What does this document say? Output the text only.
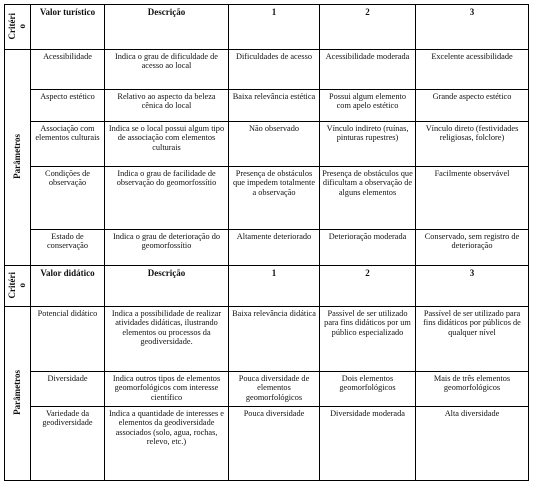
Critéri
o	Valor turístico	Descrição	1	2	3
Parâmetros	Acessibilidade	Indica o grau de dificuldade de acesso ao local	Dificuldades de acesso	Acessibilidade moderada	Excelente acessibilidade
	Aspecto estético	Relativo ao aspecto da beleza cênica do local	Baixa relevância estética	Possui algum elemento com apelo estético	Grande aspecto estético
	Associação com elementos culturais	Indica se o local possui algum tipo de associação com elementos culturais	Não observado	Vínculo indireto (ruínas, pinturas rupestres)	Vínculo direto (festividades religiosas, folclore)
	Condições de observação	Indica o grau de facilidade de observação do geomorfossítio	Presença de obstáculos que impedem totalmente a observação	Presença de obstáculos que dificultam a observação de alguns elementos	Facilmente observável
	Estado de conservação	Indica o grau de deterioração do geomorfossítio	Altamente deteriorado	Deterioração moderada	Conservado, sem registro de deterioração
Critéri
o	Valor didático	Descrição	1	2	3
Parâmetros	Potencial didático	Indica a possibilidade de realizar atividades didáticas, ilustrando elementos ou processos da geodiversidade.	Baixa relevância didática	Passível de ser utilizado para fins didáticos por um público especializado	Passível de ser utilizado para fins didáticos por públicos de qualquer nível
	Diversidade	Indica outros tipos de elementos geomorfológicos com interesse científico	Pouca diversidade de elementos geomorfológicos	Dois elementos geomorfológicos	Mais de três elementos geomorfológicos
	Variedade da geodiversidade	Indica a quantidade de interesses e elementos da geodiversidade associados (solo, agua, rochas, relevo, etc.)	Pouca diversidade	Diversidade moderada	Alta diversidade
